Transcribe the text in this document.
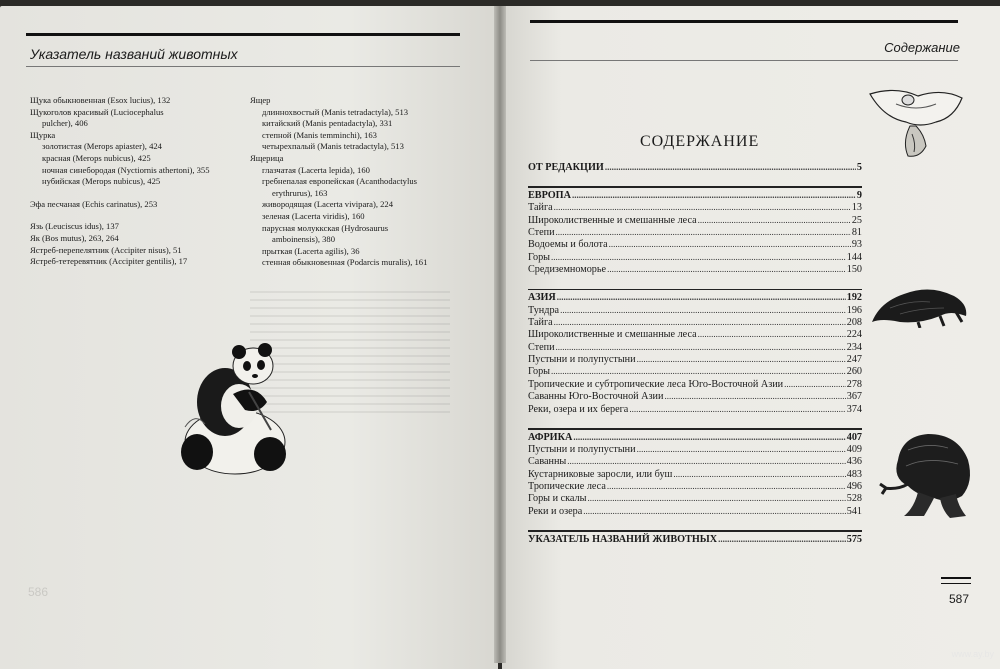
Указатель названий животных
Щука обыкновенная (Esox lucius), 132
Щукоголов красивый (Luciocephalus
pulcher), 406
Щурка
золотистая (Merops apiaster), 424
красная (Merops nubicus), 425
ночная синебородая (Nyctiornis athertoni), 355
нубийская (Merops nubicus), 425
Эфа песчаная (Echis carinatus), 253
Язь (Leuciscus idus), 137
Як (Bos mutus), 263, 264
Ястреб-перепелятник (Accipiter nisus), 51
Ястреб-тетеревятник (Accipiter gentilis), 17
Ящер
длиннохвостый (Manis tetradactyla), 513
китайский (Manis pentadactyla), 331
степной (Manis temminchi), 163
четырехпалый (Manis tetradactyla), 513
Ящерица
глазчатая (Lacerta lepida), 160
гребнепалая европейская (Acanthodactylus
erythrurus), 163
живородящая (Lacerta vivipara), 224
зеленая (Lacerta viridis), 160
парусная молуккская (Hydrosaurus
amboinensis), 380
прыткая (Lacerta agilis), 36
стенная обыкновенная (Podarcis muralis), 161
586
Содержание
СОДЕРЖАНИЕ
ОТ РЕДАКЦИИ .....	5
ЕВРОПА .....	9
Тайга .....	13
Широколиственные и смешанные леса .....	25
Степи .....	81
Водоемы и болота .....	93
Горы .....	144
Средиземноморье .....	150
АЗИЯ .....	192
Тундра .....	196
Тайга .....	208
Широколиственные и смешанные леса .....	224
Степи .....	234
Пустыни и полупустыни .....	247
Горы .....	260
Тропические и субтропические леса Юго-Восточной Азии .....	278
Саванны Юго-Восточной Азии .....	367
Реки, озера и их берега .....	374
АФРИКА .....	407
Пустыни и полупустыни .....	409
Саванны .....	436
Кустарниковые заросли, или буш .....	483
Тропические леса .....	496
Горы и скалы .....	528
Реки и озера .....	541
УКАЗАТЕЛЬ НАЗВАНИЙ ЖИВОТНЫХ .....	575
587
www.ay.by
